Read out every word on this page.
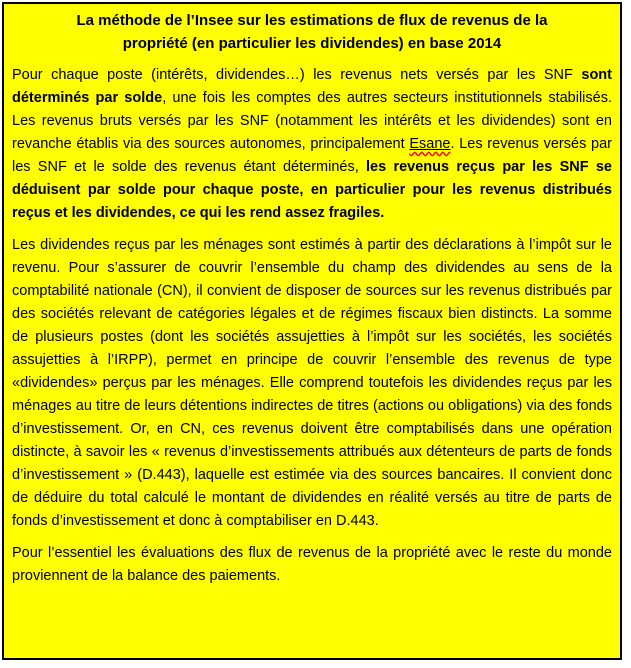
La méthode de l’Insee sur les estimations de flux de revenus de la
propriété (en particulier les dividendes) en base 2014

Pour chaque poste (intérêts, dividendes…) les revenus nets versés par les SNF sont déterminés par solde, une fois les comptes des autres secteurs institutionnels stabilisés. Les revenus bruts versés par les SNF (notamment les intérêts et les dividendes) sont en revanche établis via des sources autonomes, principalement Esane. Les revenus versés par les SNF et le solde des revenus étant déterminés, les revenus reçus par les SNF se déduisent par solde pour chaque poste, en particulier pour les revenus distribués reçus et les dividendes, ce qui les rend assez fragiles.

Les dividendes reçus par les ménages sont estimés à partir des déclarations à l’impôt sur le revenu. Pour s’assurer de couvrir l’ensemble du champ des dividendes au sens de la comptabilité nationale (CN), il convient de disposer de sources sur les revenus distribués par des sociétés relevant de catégories légales et de régimes fiscaux bien distincts. La somme de plusieurs postes (dont les sociétés assujetties à l’impôt sur les sociétés, les sociétés assujetties à l’IRPP), permet en principe de couvrir l’ensemble des revenus de type «dividendes» perçus par les ménages. Elle comprend toutefois les dividendes reçus par les ménages au titre de leurs détentions indirectes de titres (actions ou obligations) via des fonds d’investissement. Or, en CN, ces revenus doivent être comptabilisés dans une opération distincte, à savoir les « revenus d’investissements attribués aux détenteurs de parts de fonds d’investissement » (D.443), laquelle est estimée via des sources bancaires. Il convient donc de déduire du total calculé le montant de dividendes en réalité versés au titre de parts de fonds d’investissement et donc à comptabiliser en D.443.

Pour l’essentiel les évaluations des flux de revenus de la propriété avec le reste du monde proviennent de la balance des paiements.
